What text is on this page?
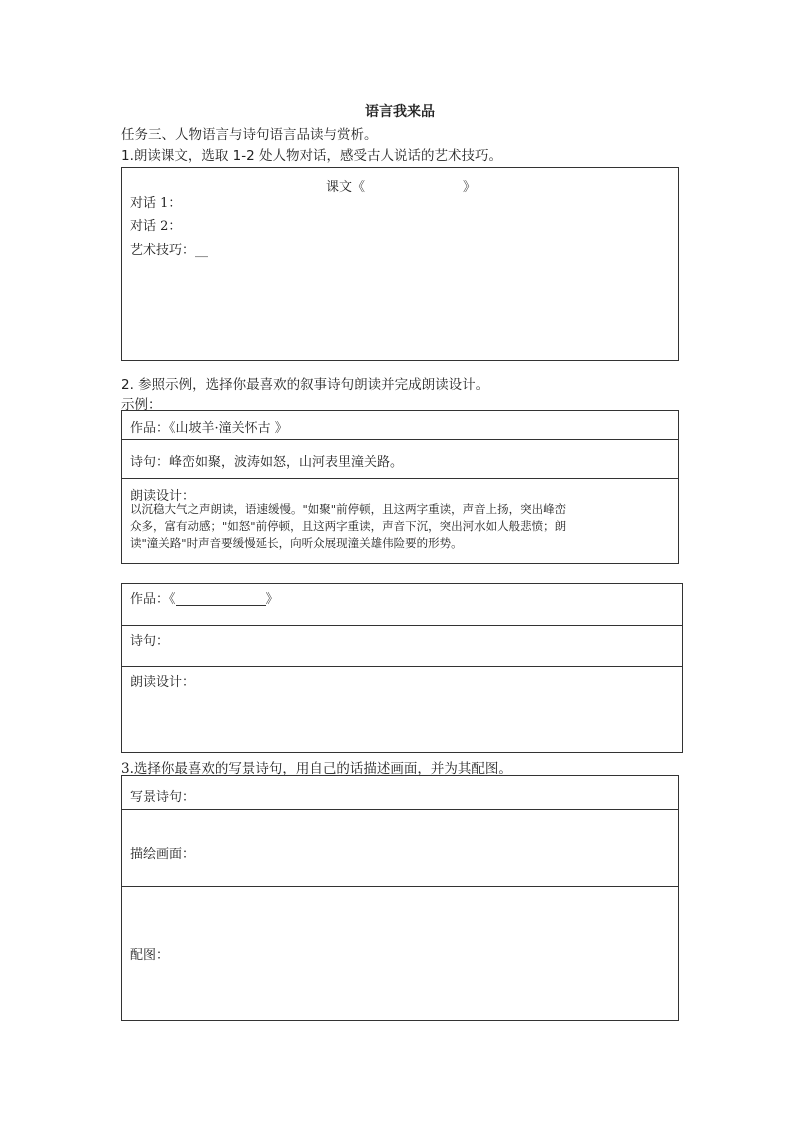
语言我来品
任务三、人物语言与诗句语言品读与赏析。
1.朗读课文，选取 1-2 处人物对话，感受古人说话的艺术技巧。
课文《	》
对话 1：
对话 2：
艺术技巧：__
2. 参照示例，选择你最喜欢的叙事诗句朗读并完成朗读设计。
示例：
作品：《山坡羊·潼关怀古 》
诗句：峰峦如聚，波涛如怒，山河表里潼关路。
朗读设计：
以沉稳大气之声朗读，语速缓慢。"如聚"前停顿，且这两字重读，声音上扬，突出峰峦
众多，富有动感；"如怒"前停顿，且这两字重读，声音下沉，突出河水如人般悲愤；朗
读"潼关路"时声音要缓慢延长，向听众展现潼关雄伟险要的形势。
作品：《	》
诗句：
朗读设计：
3.选择你最喜欢的写景诗句，用自己的话描述画面，并为其配图。
写景诗句：
描绘画面：
配图：
